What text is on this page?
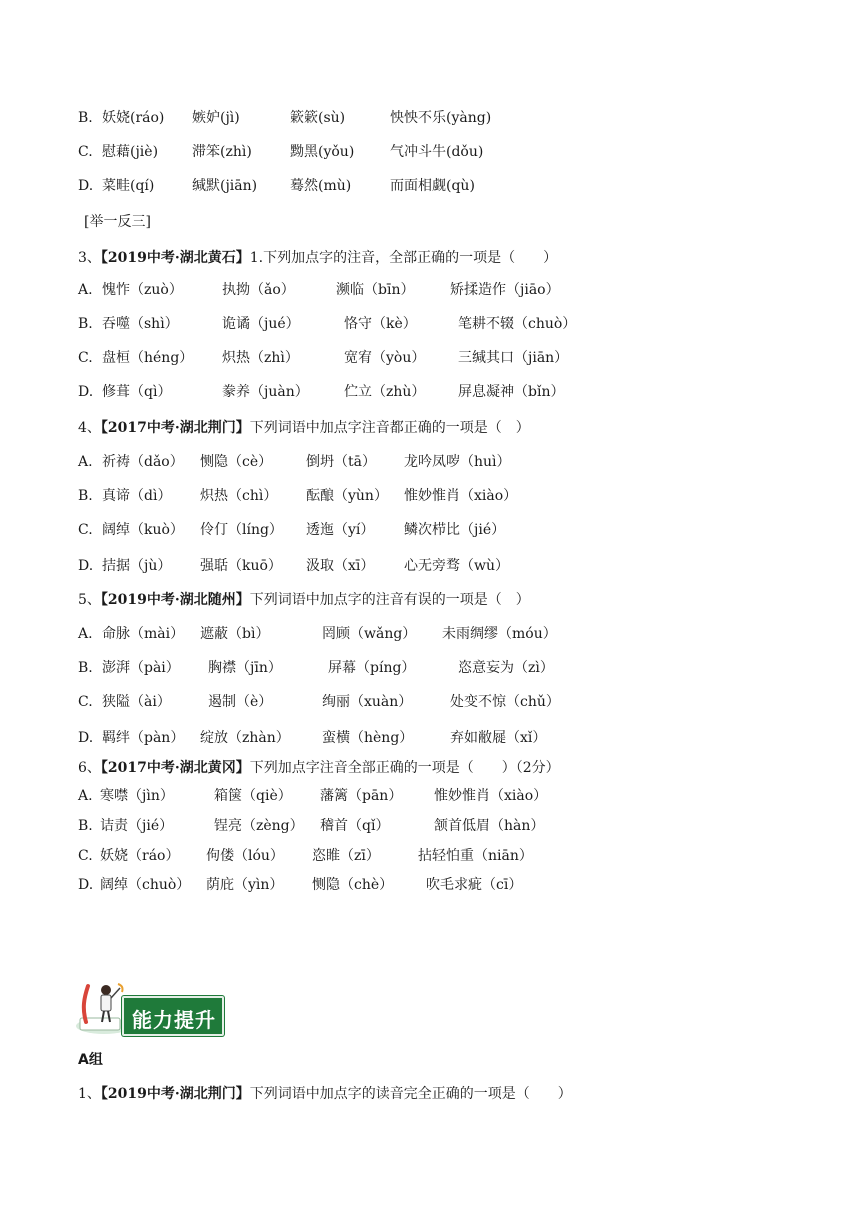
B. 妖娆(ráo) 嫉妒(jì)	簌簌(sù)	怏怏不乐(yàng)
C. 慰藉(jiè) 滞笨(zhì)	黝黑(yǒu)	气冲斗牛(dǒu)
D. 菜畦(qí)	缄默(jiān) 蓦然(mù)	而面相觑(qù)
[举一反三]
3、【2019中考·湖北黄石】1.下列加点字的注音，全部正确的一项是（　　）
A. 愧怍（zuò）	执拗（ǎo）	濒临（bīn）	矫揉造作（jiāo）
B. 吞噬（shì）	诡谲（jué）	恪守（kè）	笔耕不辍（chuò）
C. 盘桓（héng） 炽热（zhì）	宽宥（yòu） 三缄其口（jiān）
D. 修葺（qì）	豢养（juàn）	伫立（zhù） 屏息凝神（bǐn）
4、【2017中考·湖北荆门】下列词语中加点字注音都正确的一项是（　）
A. 祈祷（dǎo） 恻隐（cè） 倒坍（tā） 龙吟凤哕（huì）
B. 真谛（dì） 炽热（chì） 酝酿（yùn） 惟妙惟肖（xiào）
C. 阔绰（kuò） 伶仃（líng） 透迤（yí） 鳞次栉比（jié）
D. 拮据（jù） 强聒（kuō） 汲取（xī） 心无旁骛（wù）
5、【2019中考·湖北随州】下列词语中加点字的注音有误的一项是（　）
A. 命脉（mài） 遮蔽（bì）	罔顾（wǎng） 未雨绸缪（móu）
B. 澎湃（pài） 胸襟（jīn）	屏幕（píng）	恣意妄为（zì）
C. 狭隘（ài）	遏制（è）	绚丽（xuàn）	处变不惊（chǔ）
D. 羁绊（pàn） 绽放（zhàn） 蛮横（hèng）	弃如敝屣（xǐ）
6、【2017中考·湖北黄冈】下列加点字注音全部正确的一项是（　　）（2分）
A. 寒噤（jìn）	箱箧（qiè） 藩篱（pān） 惟妙惟肖（xiào）
B. 诘责（jié）	锃亮（zèng） 稽首（qǐ）	颔首低眉（hàn）
C. 妖娆（ráo） 佝偻（lóu） 恣睢（zī）	拈轻怕重（niān）
D. 阔绰（chuò） 荫庇（yìn） 恻隐（chè） 吹毛求疵（cī）
能力提升
A组
1、【2019中考·湖北荆门】下列词语中加点字的读音完全正确的一项是（　　）
